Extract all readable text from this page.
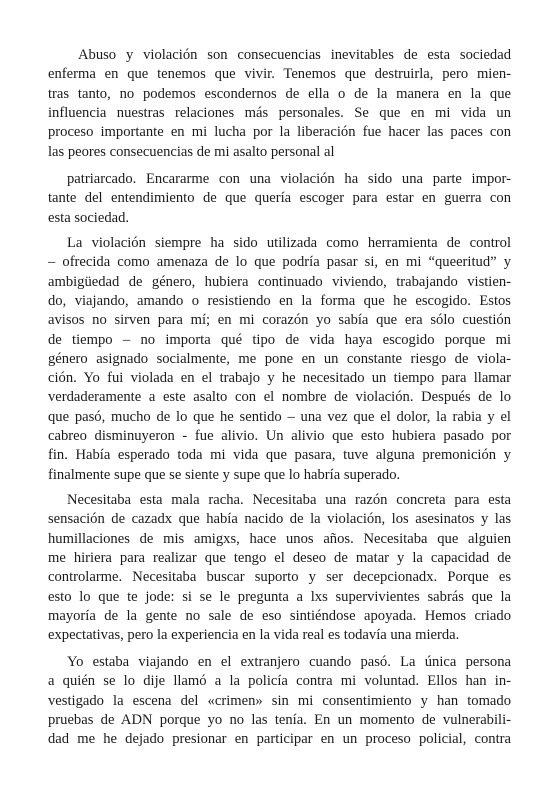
Abuso y violación son consecuencias inevitables de esta sociedad
enferma en que tenemos que vivir. Tenemos que destruirla, pero mien-
tras tanto, no podemos escondernos de ella o de la manera en la que
influencia nuestras relaciones más personales. Se que en mi vida un
proceso importante en mi lucha por la liberación fue hacer las paces con
las peores consecuencias de mi asalto personal al
patriarcado. Encararme con una violación ha sido una parte impor-
tante del entendimiento de que quería escoger para estar en guerra con
esta sociedad.
La violación siempre ha sido utilizada como herramienta de control
– ofrecida como amenaza de lo que podría pasar si, en mi “queeritud” y
ambigüedad de género, hubiera continuado viviendo, trabajando vistien-
do, viajando, amando o resistiendo en la forma que he escogido. Estos
avisos no sirven para mí; en mi corazón yo sabía que era sólo cuestión
de tiempo – no importa qué tipo de vida haya escogido porque mi
género asignado socialmente, me pone en un constante riesgo de viola-
ción. Yo fui violada en el trabajo y he necesitado un tiempo para llamar
verdaderamente a este asalto con el nombre de violación. Después de lo
que pasó, mucho de lo que he sentido – una vez que el dolor, la rabia y el
cabreo disminuyeron - fue alivio. Un alivio que esto hubiera pasado por
fin. Había esperado toda mi vida que pasara, tuve alguna premonición y
finalmente supe que se siente y supe que lo habría superado.
Necesitaba esta mala racha. Necesitaba una razón concreta para esta
sensación de cazadx que había nacido de la violación, los asesinatos y las
humillaciones de mis amigxs, hace unos años. Necesitaba que alguien
me hiriera para realizar que tengo el deseo de matar y la capacidad de
controlarme. Necesitaba buscar suporto y ser decepcionadx. Porque es
esto lo que te jode: si se le pregunta a lxs supervivientes sabrás que la
mayoría de la gente no sale de eso sintiéndose apoyada. Hemos criado
expectativas, pero la experiencia en la vida real es todavía una mierda.
Yo estaba viajando en el extranjero cuando pasó. La única persona
a quién se lo dije llamó a la policía contra mi voluntad. Ellos han in-
vestigado la escena del «crimen» sin mi consentimiento y han tomado
pruebas de ADN porque yo no las tenía. En un momento de vulnerabili-
dad me he dejado presionar en participar en un proceso policial, contra
